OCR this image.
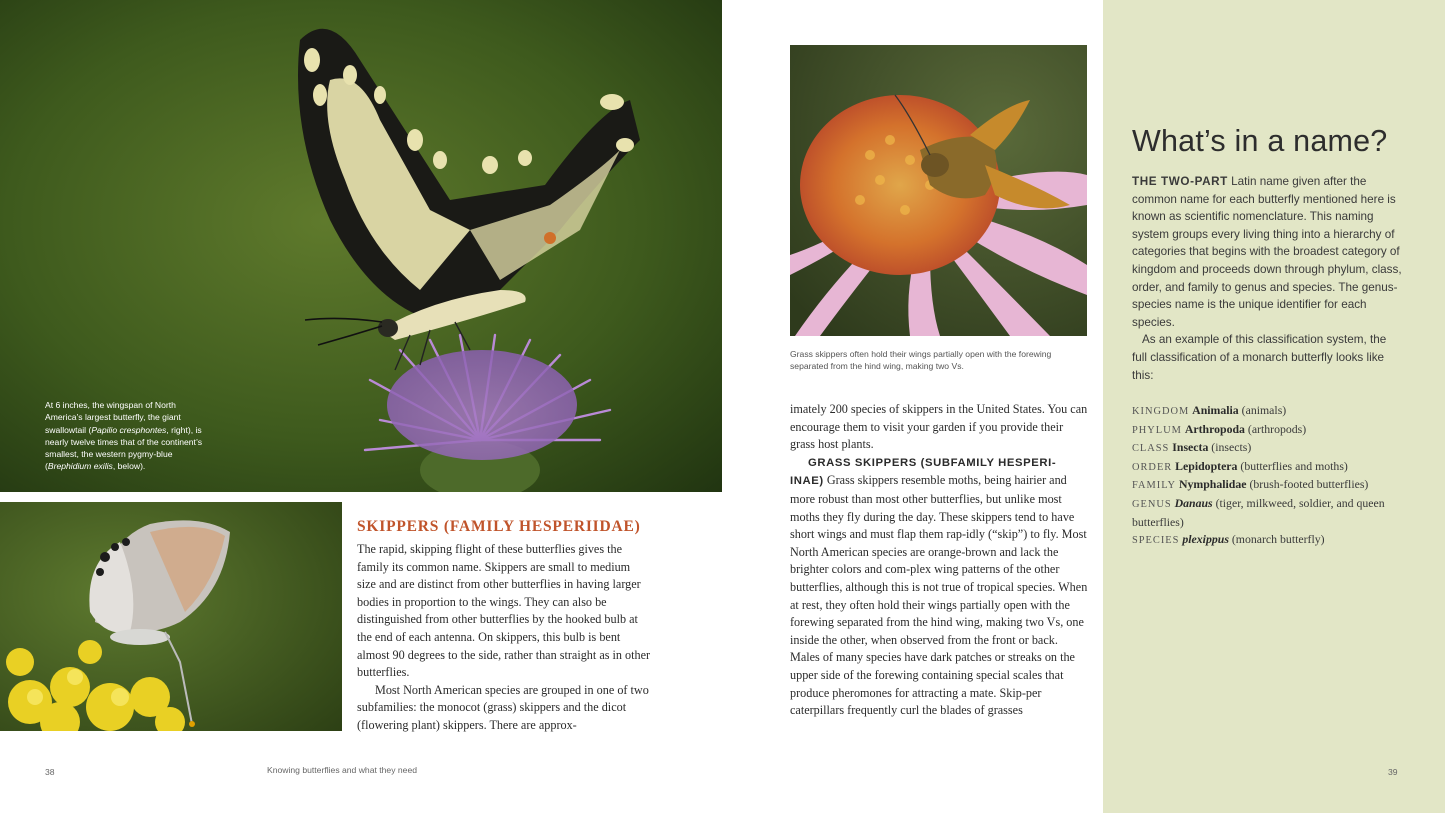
At 6 inches, the wingspan of North America’s largest butterfly, the giant swallowtail (Papilio cresphontes, right), is nearly twelve times that of the continent’s smallest, the western pygmy-blue (Brephidium exilis, below).
SKIPPERS (FAMILY HESPERIIDAE)

The rapid, skipping flight of these butterflies gives the family its common name. Skippers are small to medium size and are distinct from other butterflies in having larger bodies in proportion to the wings. They can also be distinguished from other butterflies by the hooked bulb at the end of each antenna. On skippers, this bulb is bent almost 90 degrees to the side, rather than straight as in other butterflies.

Most North American species are grouped in one of two subfamilies: the monocot (grass) skippers and the dicot (flowering plant) skippers. There are approx-

Grass skippers often hold their wings partially open with the forewing separated from the hind wing, making two Vs.

imately 200 species of skippers in the United States. You can encourage them to visit your garden if you provide their grass host plants.

GRASS SKIPPERS (SUBFAMILY HESPERI-INAE) Grass skippers resemble moths, being hairier and more robust than most other butterflies, but unlike most moths they fly during the day. These skippers tend to have short wings and must flap them rap-idly (“skip”) to fly. Most North American species are orange-brown and lack the brighter colors and com-plex wing patterns of the other butterflies, although this is not true of tropical species. When at rest, they often hold their wings partially open with the forewing separated from the hind wing, making two Vs, one inside the other, when observed from the front or back. Males of many species have dark patches or streaks on the upper side of the forewing containing special scales that produce pheromones for attracting a mate. Skip-per caterpillars frequently curl the blades of grasses

What’s in a name?

THE TWO-PART Latin name given after the common name for each butterfly mentioned here is known as scientific nomenclature. This naming system groups every living thing into a hierarchy of categories that begins with the broadest category of kingdom and proceeds down through phylum, class, order, and family to genus and species. The genus-species name is the unique identifier for each species.

As an example of this classification system, the full classification of a monarch butterfly looks like this:

KINGDOM Animalia (animals)
PHYLUM Arthropoda (arthropods)
CLASS Insecta (insects)
ORDER Lepidoptera (butterflies and moths)
FAMILY Nymphalidae (brush-footed butterflies)
GENUS Danaus (tiger, milkweed, soldier, and queen butterflies)
SPECIES plexippus (monarch butterfly)
38	Knowing butterflies and what they need	39
